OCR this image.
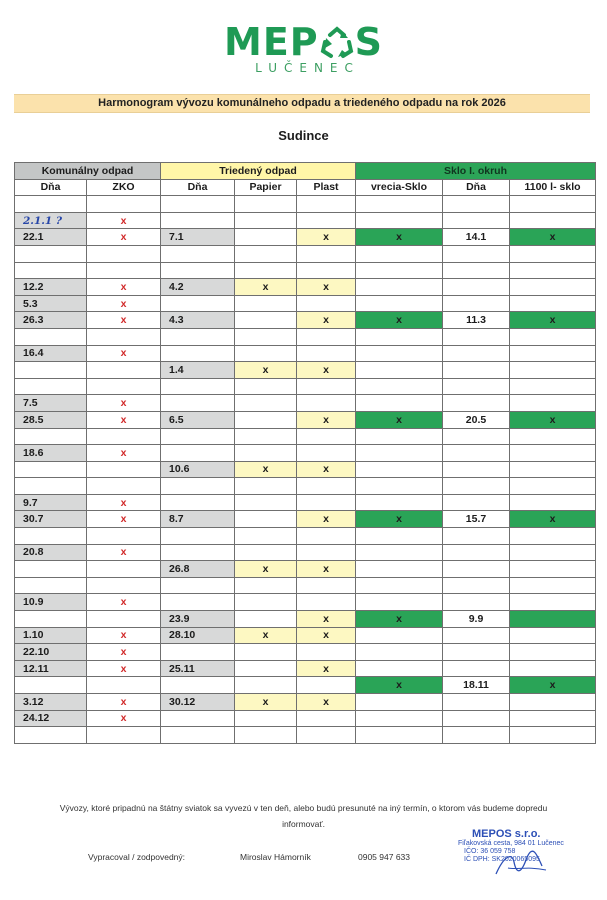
MEP S
LUČENEC
Harmonogram vývozu komunálneho odpadu a triedeného odpadu na rok 2026
Sudince
Komunálny odpad		Triedený odpad			Sklo I. okruh		
Dňa	ZKO	Dňa	Papier	Plast	vrecia-Sklo	Dňa	1100 l- sklo

2.1.1 ?	x						
22.1	x	7.1		x	x	14.1	x

12.2	x	4.2	x	x			
5.3	x						
26.3	x	4.3		x	x	11.3	x

16.4	x						
		1.4	x	x			

7.5	x						
28.5	x	6.5		x	x	20.5	x

18.6	x						
		10.6	x	x			

9.7	x						
30.7	x	8.7		x	x	15.7	x

20.8	x						
		26.8	x	x			

10.9	x						
		23.9		x	x	9.9	
1.10	x	28.10	x	x			
22.10	x						
12.11	x	25.11		x			
					x	18.11	x
3.12	x	30.12	x	x			
24.12	x						

Vývozy, ktoré pripadnú na štátny sviatok sa vyvezú v ten deň, alebo budú presunuté na iný termín, o ktorom vás budeme dopredu informovať.
Vypracoval / zodpovedný:	Miroslav Hámorník	0905 947 633
MEPOS s.r.o.
Fiľakovská cesta, 984 01 Lučenec
IČO: 36 059 758
IČ DPH: SK2020065095
